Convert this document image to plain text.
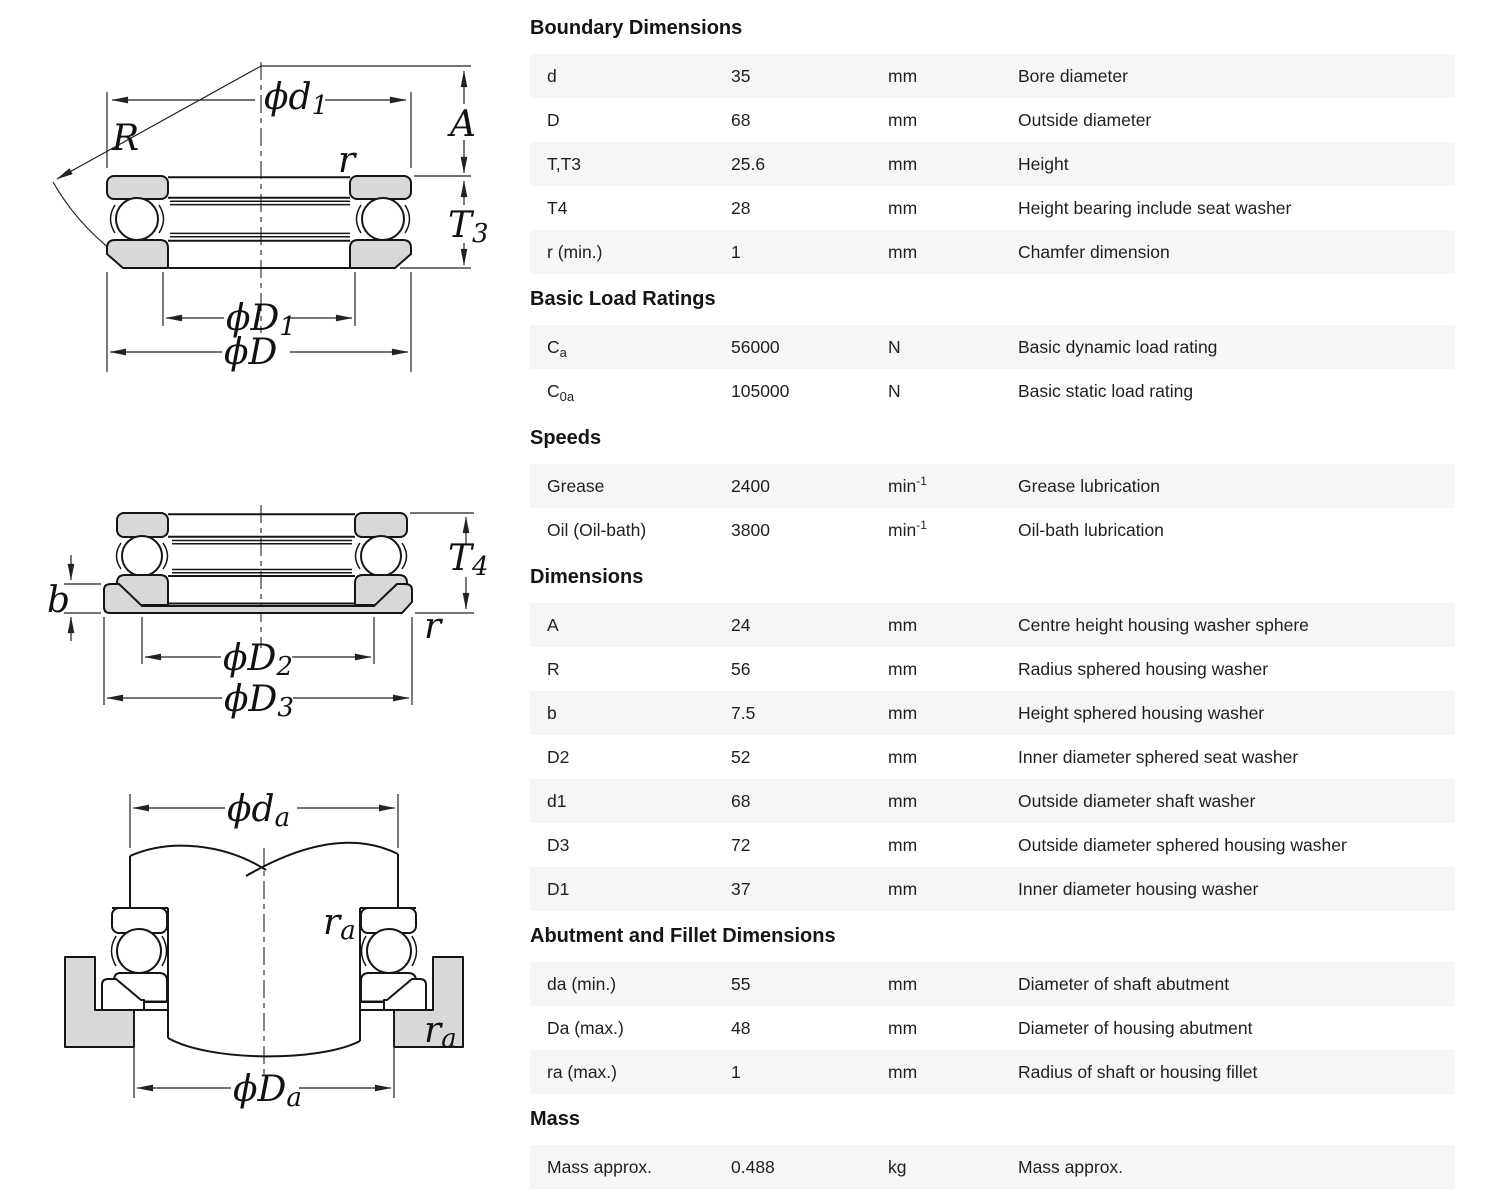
ϕd1	A
R
r
T3
ϕD1
ϕD
T4
b
r
ϕD2
ϕD3
ϕda
ra
ra
ϕDa
Boundary Dimensions
d	35	mm	Bore diameter
D	68	mm	Outside diameter
T,T3	25.6	mm	Height
T4	28	mm	Height bearing include seat washer
r (min.)	1	mm	Chamfer dimension
Basic Load Ratings
$C_a$	56000	N	Basic dynamic load rating
$C_{0a}$	105000	N	Basic static load rating
Speeds
Grease	2400	$\min^{-1}$	Grease lubrication
Oil (Oil-bath)	3800	$\min^{-1}$	Oil-bath lubrication
Dimensions
A	24	mm	Centre height housing washer sphere
R	56	mm	Radius sphered housing washer
b	7.5	mm	Height sphered housing washer
D2	52	mm	Inner diameter sphered seat washer
d1	68	mm	Outside diameter shaft washer
D3	72	mm	Outside diameter sphered housing washer
D1	37	mm	Inner diameter housing washer
Abutment and Fillet Dimensions
da (min.)	55	mm	Diameter of shaft abutment
Da (max.)	48	mm	Diameter of housing abutment
ra (max.)	1	mm	Radius of shaft or housing fillet
Mass
Mass approx.	0.488	kg	Mass approx.
